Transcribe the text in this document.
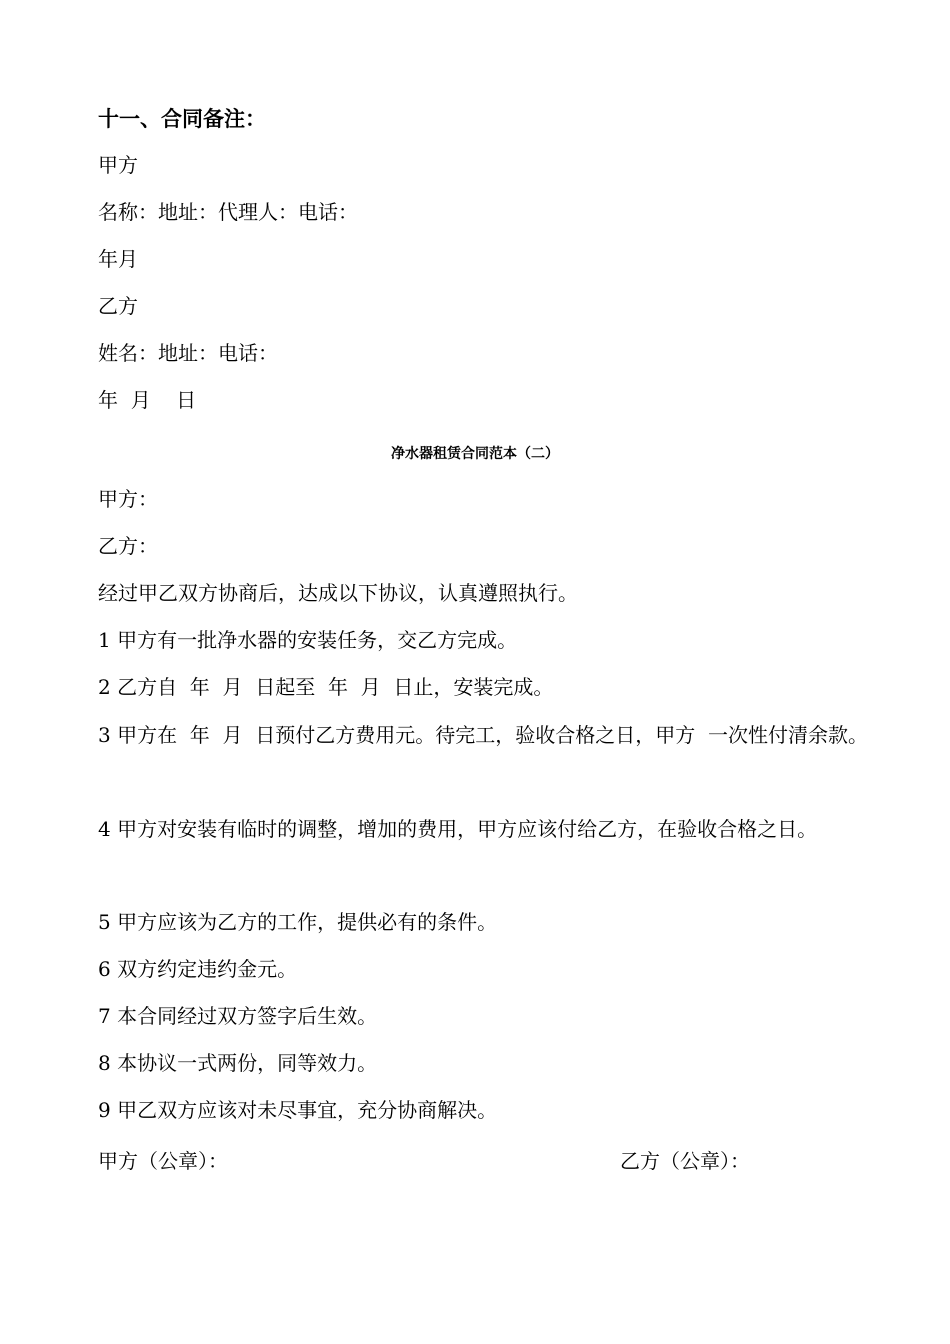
十一、合同备注：
甲方
名称：地址：代理人：电话：
年月
乙方
姓名：地址：电话：
年  月    日
净水器租赁合同范本（二）
甲方：
乙方：
经过甲乙双方协商后，达成以下协议，认真遵照执行。
1 甲方有一批净水器的安装任务，交乙方完成。
2 乙方自  年  月  日起至  年  月  日止，安装完成。
3 甲方在  年  月  日预付乙方费用元。待完工，验收合格之日，甲方  一次性付清余款。
4 甲方对安装有临时的调整，增加的费用，甲方应该付给乙方，在验收合格之日。
5 甲方应该为乙方的工作，提供必有的条件。
6 双方约定违约金元。
7 本合同经过双方签字后生效。
8 本协议一式两份，同等效力。
9 甲乙双方应该对未尽事宜，充分协商解决。
甲方（公章）：	乙方（公章）：
